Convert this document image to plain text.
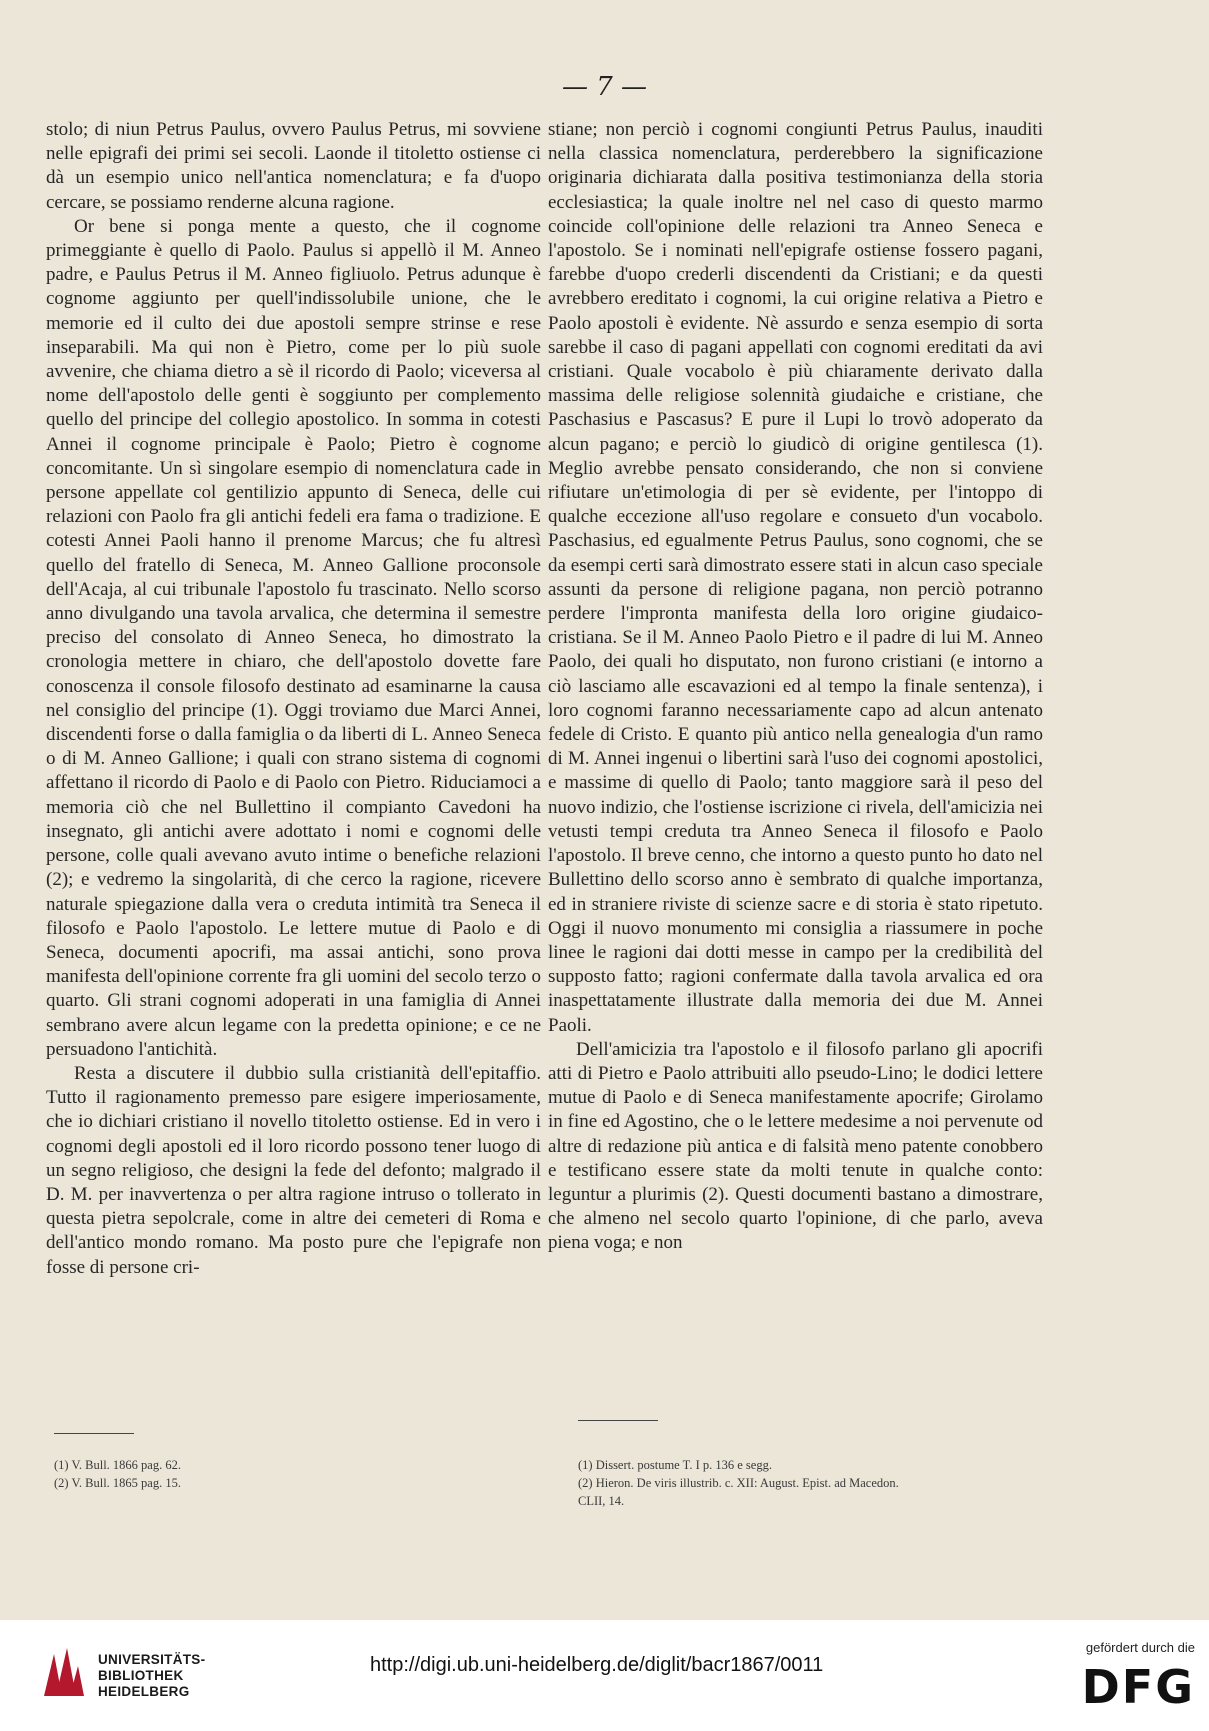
— 7 —

stolo; di niun Petrus Paulus, ovvero Paulus Petrus, mi sovviene nelle epigrafi dei primi sei secoli. Laonde il titoletto ostiense ci dà un esempio unico nell'antica nomenclatura; e fa d'uopo cercare, se possiamo renderne alcuna ragione.

Or bene si ponga mente a questo, che il cognome primeggiante è quello di Paolo. Paulus si appellò il M. Anneo padre, e Paulus Petrus il M. Anneo figliuolo. Petrus adunque è cognome aggiunto per quell'indissolubile unione, che le memorie ed il culto dei due apostoli sempre strinse e rese inseparabili. Ma qui non è Pietro, come per lo più suole avvenire, che chiama dietro a sè il ricordo di Paolo; viceversa al nome dell'apostolo delle genti è soggiunto per complemento quello del principe del collegio apostolico. In somma in cotesti Annei il cognome principale è Paolo; Pietro è cognome concomitante. Un sì singolare esempio di nomenclatura cade in persone appellate col gentilizio appunto di Seneca, delle cui relazioni con Paolo fra gli antichi fedeli era fama o tradizione. E cotesti Annei Paoli hanno il prenome Marcus; che fu altresì quello del fratello di Seneca, M. Anneo Gallione proconsole dell'Acaja, al cui tribunale l'apostolo fu trascinato. Nello scorso anno divulgando una tavola arvalica, che determina il semestre preciso del consolato di Anneo Seneca, ho dimostrato la cronologia mettere in chiaro, che dell'apostolo dovette fare conoscenza il console filosofo destinato ad esaminarne la causa nel consiglio del principe (1). Oggi troviamo due Marci Annei, discendenti forse o dalla famiglia o da liberti di L. Anneo Seneca o di M. Anneo Gallione; i quali con strano sistema di cognomi affettano il ricordo di Paolo e di Paolo con Pietro. Riduciamoci a memoria ciò che nel Bullettino il compianto Cavedoni ha insegnato, gli antichi avere adottato i nomi e cognomi delle persone, colle quali avevano avuto intime o benefiche relazioni (2); e vedremo la singolarità, di che cerco la ragione, ricevere naturale spiegazione dalla vera o creduta intimità tra Seneca il filosofo e Paolo l'apostolo. Le lettere mutue di Paolo e di Seneca, documenti apocrifi, ma assai antichi, sono prova manifesta dell'opinione corrente fra gli uomini del secolo terzo o quarto. Gli strani cognomi adoperati in una famiglia di Annei sembrano avere alcun legame con la predetta opinione; e ce ne persuadono l'antichità.

Resta a discutere il dubbio sulla cristianità dell'epitaffio. Tutto il ragionamento premesso pare esigere imperiosamente, che io dichiari cristiano il novello titoletto ostiense. Ed in vero i cognomi degli apostoli ed il loro ricordo possono tener luogo di un segno religioso, che designi la fede del defonto; malgrado il D. M. per inavvertenza o per altra ragione intruso o tollerato in questa pietra sepolcrale, come in altre dei cemeteri di Roma e dell'antico mondo romano. Ma posto pure che l'epigrafe non fosse di persone cri-

stiane; non perciò i cognomi congiunti Petrus Paulus, inauditi nella classica nomenclatura, perderebbero la significazione originaria dichiarata dalla positiva testimonianza della storia ecclesiastica; la quale inoltre nel nel caso di questo marmo coincide coll'opinione delle relazioni tra Anneo Seneca e l'apostolo. Se i nominati nell'epigrafe ostiense fossero pagani, farebbe d'uopo crederli discendenti da Cristiani; e da questi avrebbero ereditato i cognomi, la cui origine relativa a Pietro e Paolo apostoli è evidente. Nè assurdo e senza esempio di sorta sarebbe il caso di pagani appellati con cognomi ereditati da avi cristiani. Quale vocabolo è più chiaramente derivato dalla massima delle religiose solennità giudaiche e cristiane, che Paschasius e Pascasus? E pure il Lupi lo trovò adoperato da alcun pagano; e perciò lo giudicò di origine gentilesca (1). Meglio avrebbe pensato considerando, che non si conviene rifiutare un'etimologia di per sè evidente, per l'intoppo di qualche eccezione all'uso regolare e consueto d'un vocabolo. Paschasius, ed egualmente Petrus Paulus, sono cognomi, che se da esempi certi sarà dimostrato essere stati in alcun caso speciale assunti da persone di religione pagana, non perciò potranno perdere l'impronta manifesta della loro origine giudaico-cristiana. Se il M. Anneo Paolo Pietro e il padre di lui M. Anneo Paolo, dei quali ho disputato, non furono cristiani (e intorno a ciò lasciamo alle escavazioni ed al tempo la finale sentenza), i loro cognomi faranno necessariamente capo ad alcun antenato fedele di Cristo. E quanto più antico nella genealogia d'un ramo di M. Annei ingenui o libertini sarà l'uso dei cognomi apostolici, e massime di quello di Paolo; tanto maggiore sarà il peso del nuovo indizio, che l'ostiense iscrizione ci rivela, dell'amicizia nei vetusti tempi creduta tra Anneo Seneca il filosofo e Paolo l'apostolo. Il breve cenno, che intorno a questo punto ho dato nel Bullettino dello scorso anno è sembrato di qualche importanza, ed in straniere riviste di scienze sacre e di storia è stato ripetuto. Oggi il nuovo monumento mi consiglia a riassumere in poche linee le ragioni dai dotti messe in campo per la credibilità del supposto fatto; ragioni confermate dalla tavola arvalica ed ora inaspettatamente illustrate dalla memoria dei due M. Annei Paoli.

Dell'amicizia tra l'apostolo e il filosofo parlano gli apocrifi atti di Pietro e Paolo attribuiti allo pseudo-Lino; le dodici lettere mutue di Paolo e di Seneca manifestamente apocrife; Girolamo in fine ed Agostino, che o le lettere medesime a noi pervenute od altre di redazione più antica e di falsità meno patente conobbero e testificano essere state da molti tenute in qualche conto: leguntur a plurimis (2). Questi documenti bastano a dimostrare, che almeno nel secolo quarto l'opinione, di che parlo, aveva piena voga; e non

(1) V. Bull. 1866 pag. 62.
(2) V. Bull. 1865 pag. 15.
(1) Dissert. postume T. I p. 136 e segg.
(2) Hieron. De viris illustrib. c. XII: August. Epist. ad Macedon.
CLII, 14.
UNIVERSITÄTS-
BIBLIOTHEK
HEIDELBERG
http://digi.ub.uni-heidelberg.de/diglit/bacr1867/0011
gefördert durch die
DFG
